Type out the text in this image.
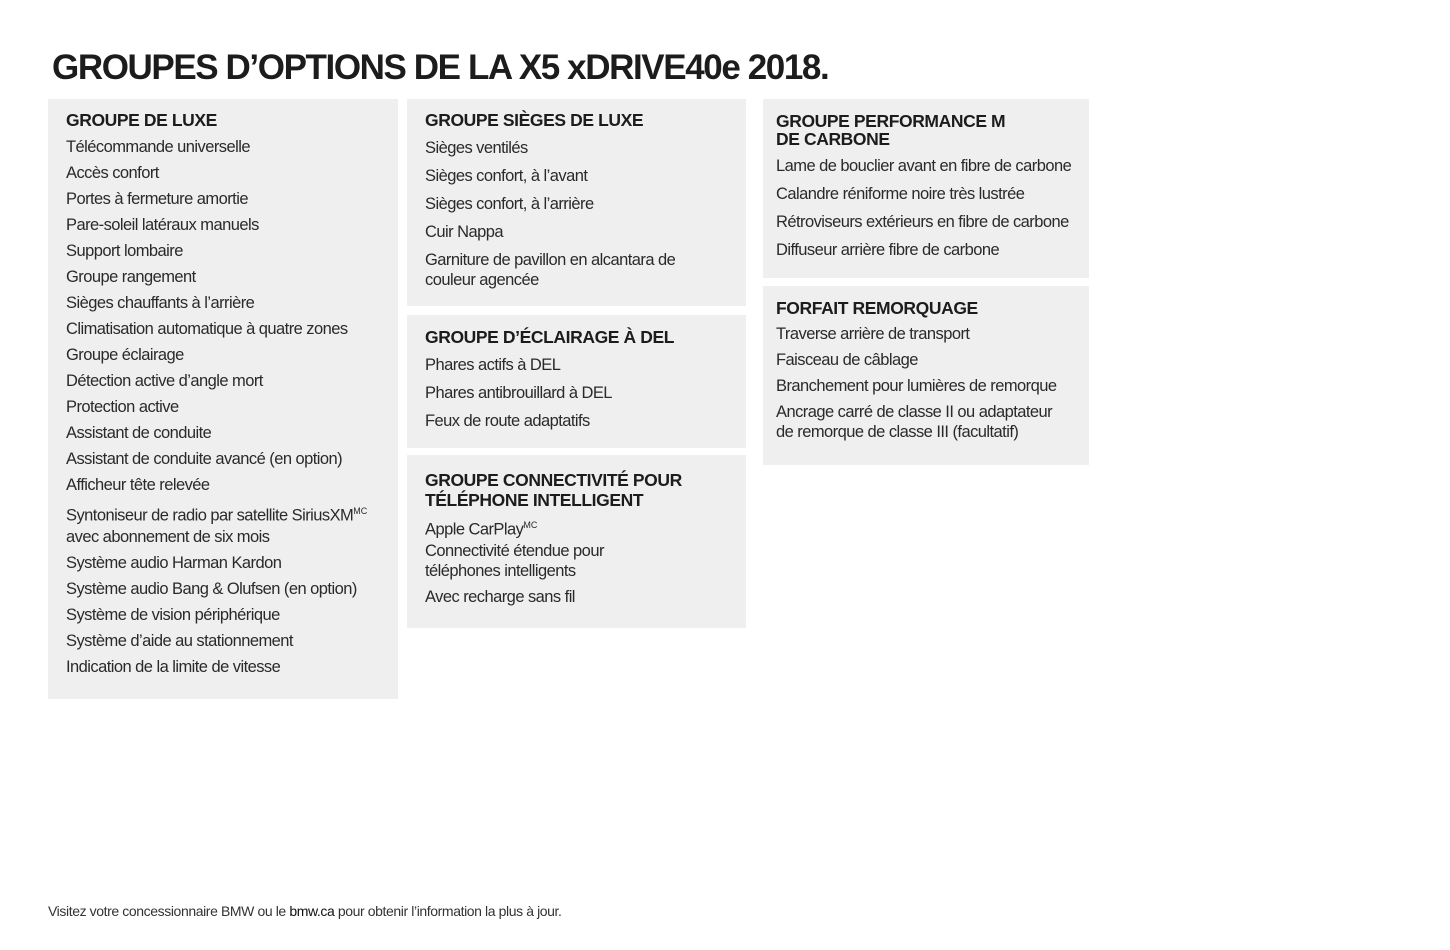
GROUPES D’OPTIONS DE LA X5 xDRIVE40e 2018.
GROUPE DE LUXE
Télécommande universelle
Accès confort
Portes à fermeture amortie
Pare-soleil latéraux manuels
Support lombaire
Groupe rangement
Sièges chauffants à l’arrière
Climatisation automatique à quatre zones
Groupe éclairage
Détection active d’angle mort
Protection active
Assistant de conduite
Assistant de conduite avancé (en option)
Afficheur tête relevée
Syntoniseur de radio par satellite SiriusXM$^{MC}$
avec abonnement de six mois
Système audio Harman Kardon
Système audio Bang & Olufsen (en option)
Système de vision périphérique
Système d’aide au stationnement
Indication de la limite de vitesse
GROUPE SIÈGES DE LUXE
Sièges ventilés
Sièges confort, à l’avant
Sièges confort, à l’arrière
Cuir Nappa
Garniture de pavillon en alcantara de couleur agencée
GROUPE D’ÉCLAIRAGE À DEL
Phares actifs à DEL
Phares antibrouillard à DEL
Feux de route adaptatifs
GROUPE CONNECTIVITÉ POUR
TÉLÉPHONE INTELLIGENT
Apple CarPlay$^{MC}$
Connectivité étendue pour téléphones intelligents
Avec recharge sans fil
GROUPE PERFORMANCE M
DE CARBONE
Lame de bouclier avant en fibre de carbone
Calandre réniforme noire très lustrée
Rétroviseurs extérieurs en fibre de carbone
Diffuseur arrière fibre de carbone
FORFAIT REMORQUAGE
Traverse arrière de transport
Faisceau de câblage
Branchement pour lumières de remorque
Ancrage carré de classe II ou adaptateur de remorque de classe III (facultatif)
Visitez votre concessionnaire BMW ou le bmw.ca pour obtenir l’information la plus à jour.
